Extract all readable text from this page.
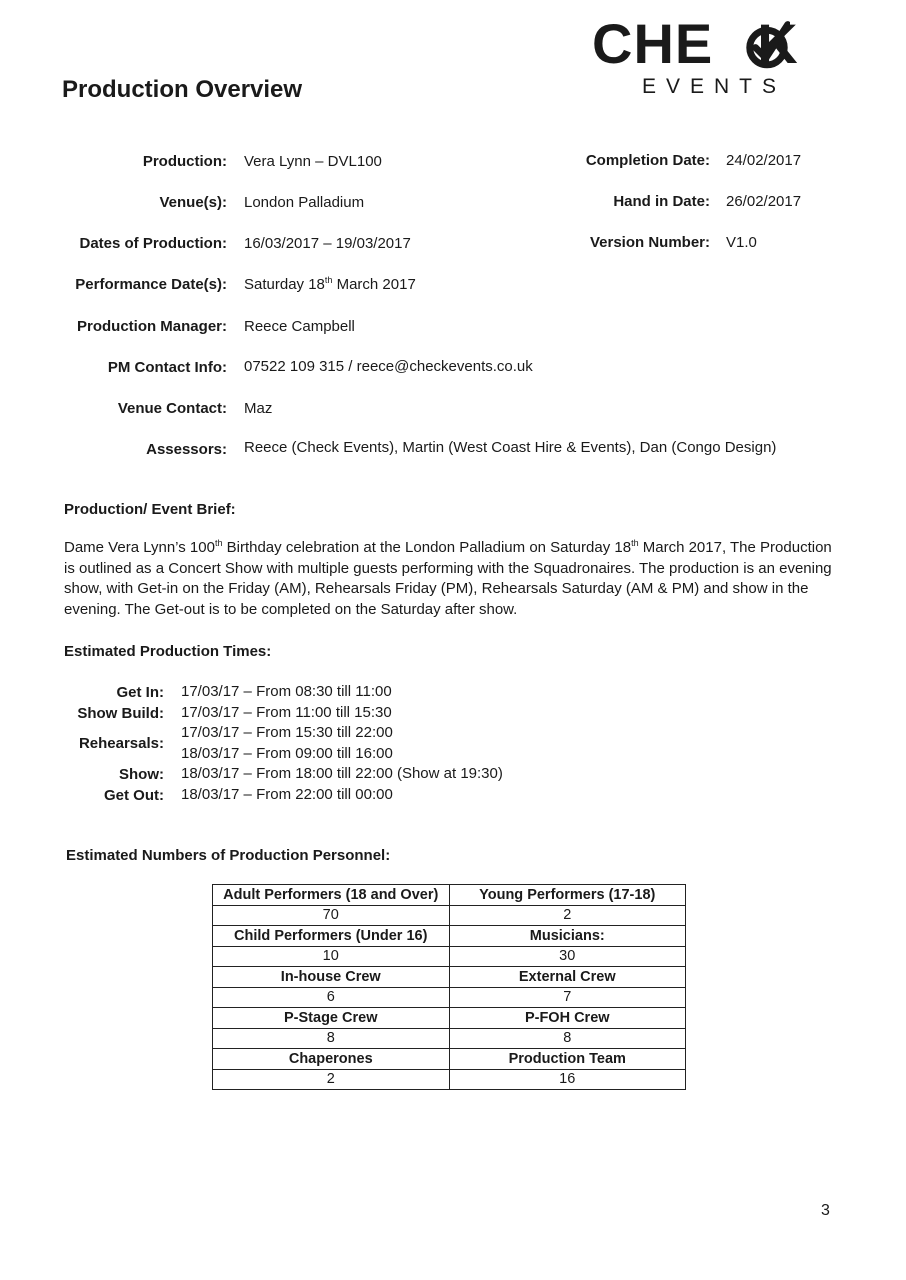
Production Overview
CHE K
EVENTS
Production: Vera Lynn – DVL100
Venue(s): London Palladium
Dates of Production: 16/03/2017 – 19/03/2017
Performance Date(s): Saturday 18th March 2017
Production Manager: Reece Campbell
PM Contact Info: 07522 109 315 / reece@checkevents.co.uk
Venue Contact: Maz
Assessors: Reece (Check Events), Martin (West Coast Hire & Events), Dan (Congo Design)
Completion Date: 24/02/2017
Hand in Date: 26/02/2017
Version Number: V1.0
Production/ Event Brief:
Dame Vera Lynn’s 100th Birthday celebration at the London Palladium on Saturday 18th March 2017, The Production is outlined as a Concert Show with multiple guests performing with the Squadronaires. The production is an evening show, with Get-in on the Friday (AM), Rehearsals Friday (PM), Rehearsals Saturday (AM & PM) and show in the evening. The Get-out is to be completed on the Saturday after show.
Estimated Production Times:
Get In: 17/03/17 – From 08:30 till 11:00
Show Build: 17/03/17 – From 11:00 till 15:30
Rehearsals:
17/03/17 – From 15:30 till 22:00
18/03/17 – From 09:00 till 16:00
Show: 18/03/17 – From 18:00 till 22:00 (Show at 19:30)
Get Out: 18/03/17 – From 22:00 till 00:00
Estimated Numbers of Production Personnel:
Adult Performers (18 and Over)	Young Performers (17-18)
70	2
Child Performers (Under 16)	Musicians:
10	30
In-house Crew	External Crew
6	7
P-Stage Crew	P-FOH Crew
8	8
Chaperones	Production Team
2	16
3
